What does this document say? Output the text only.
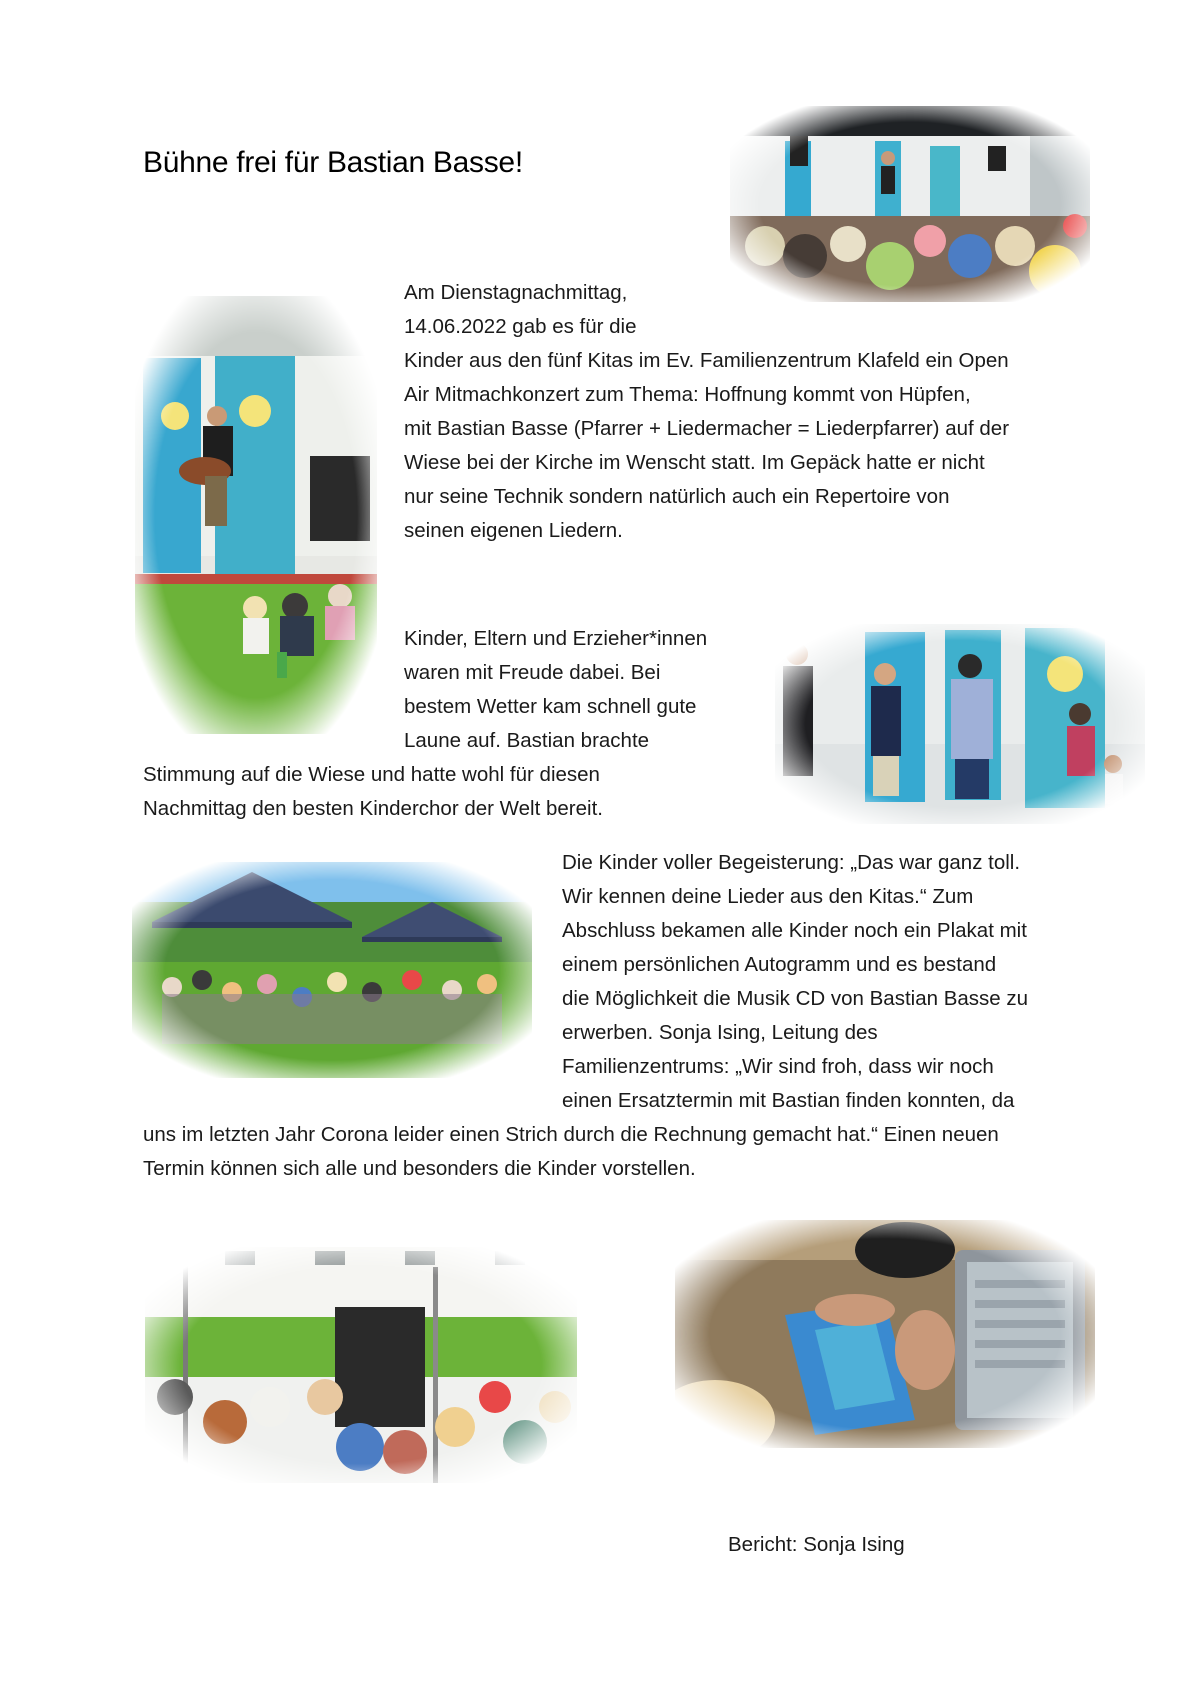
Bühne frei für Bastian Basse!
Am Dienstagnachmittag,
14.06.2022 gab es für die
Kinder aus den fünf Kitas im Ev. Familienzentrum Klafeld ein Open
Air Mitmachkonzert zum Thema: Hoffnung kommt von Hüpfen,
mit Bastian Basse (Pfarrer + Liedermacher = Liederpfarrer) auf der
Wiese bei der Kirche im Wenscht statt. Im Gepäck hatte er nicht
nur seine Technik sondern natürlich auch ein Repertoire von
seinen eigenen Liedern.
Kinder, Eltern und Erzieher*innen
waren mit Freude dabei. Bei
bestem Wetter kam schnell gute
Laune auf. Bastian brachte
Stimmung auf die Wiese und hatte wohl für diesen
Nachmittag den besten Kinderchor der Welt bereit.
Die Kinder voller Begeisterung: „Das war ganz toll.
Wir kennen deine Lieder aus den Kitas.“ Zum
Abschluss bekamen alle Kinder noch ein Plakat mit
einem persönlichen Autogramm und es bestand
die Möglichkeit die Musik CD von Bastian Basse zu
erwerben. Sonja Ising, Leitung des
Familienzentrums: „Wir sind froh, dass wir noch
einen Ersatztermin mit Bastian finden konnten, da
uns im letzten Jahr Corona leider einen Strich durch die Rechnung gemacht hat.“ Einen neuen
Termin können sich alle und besonders die Kinder vorstellen.
Bericht: Sonja Ising
